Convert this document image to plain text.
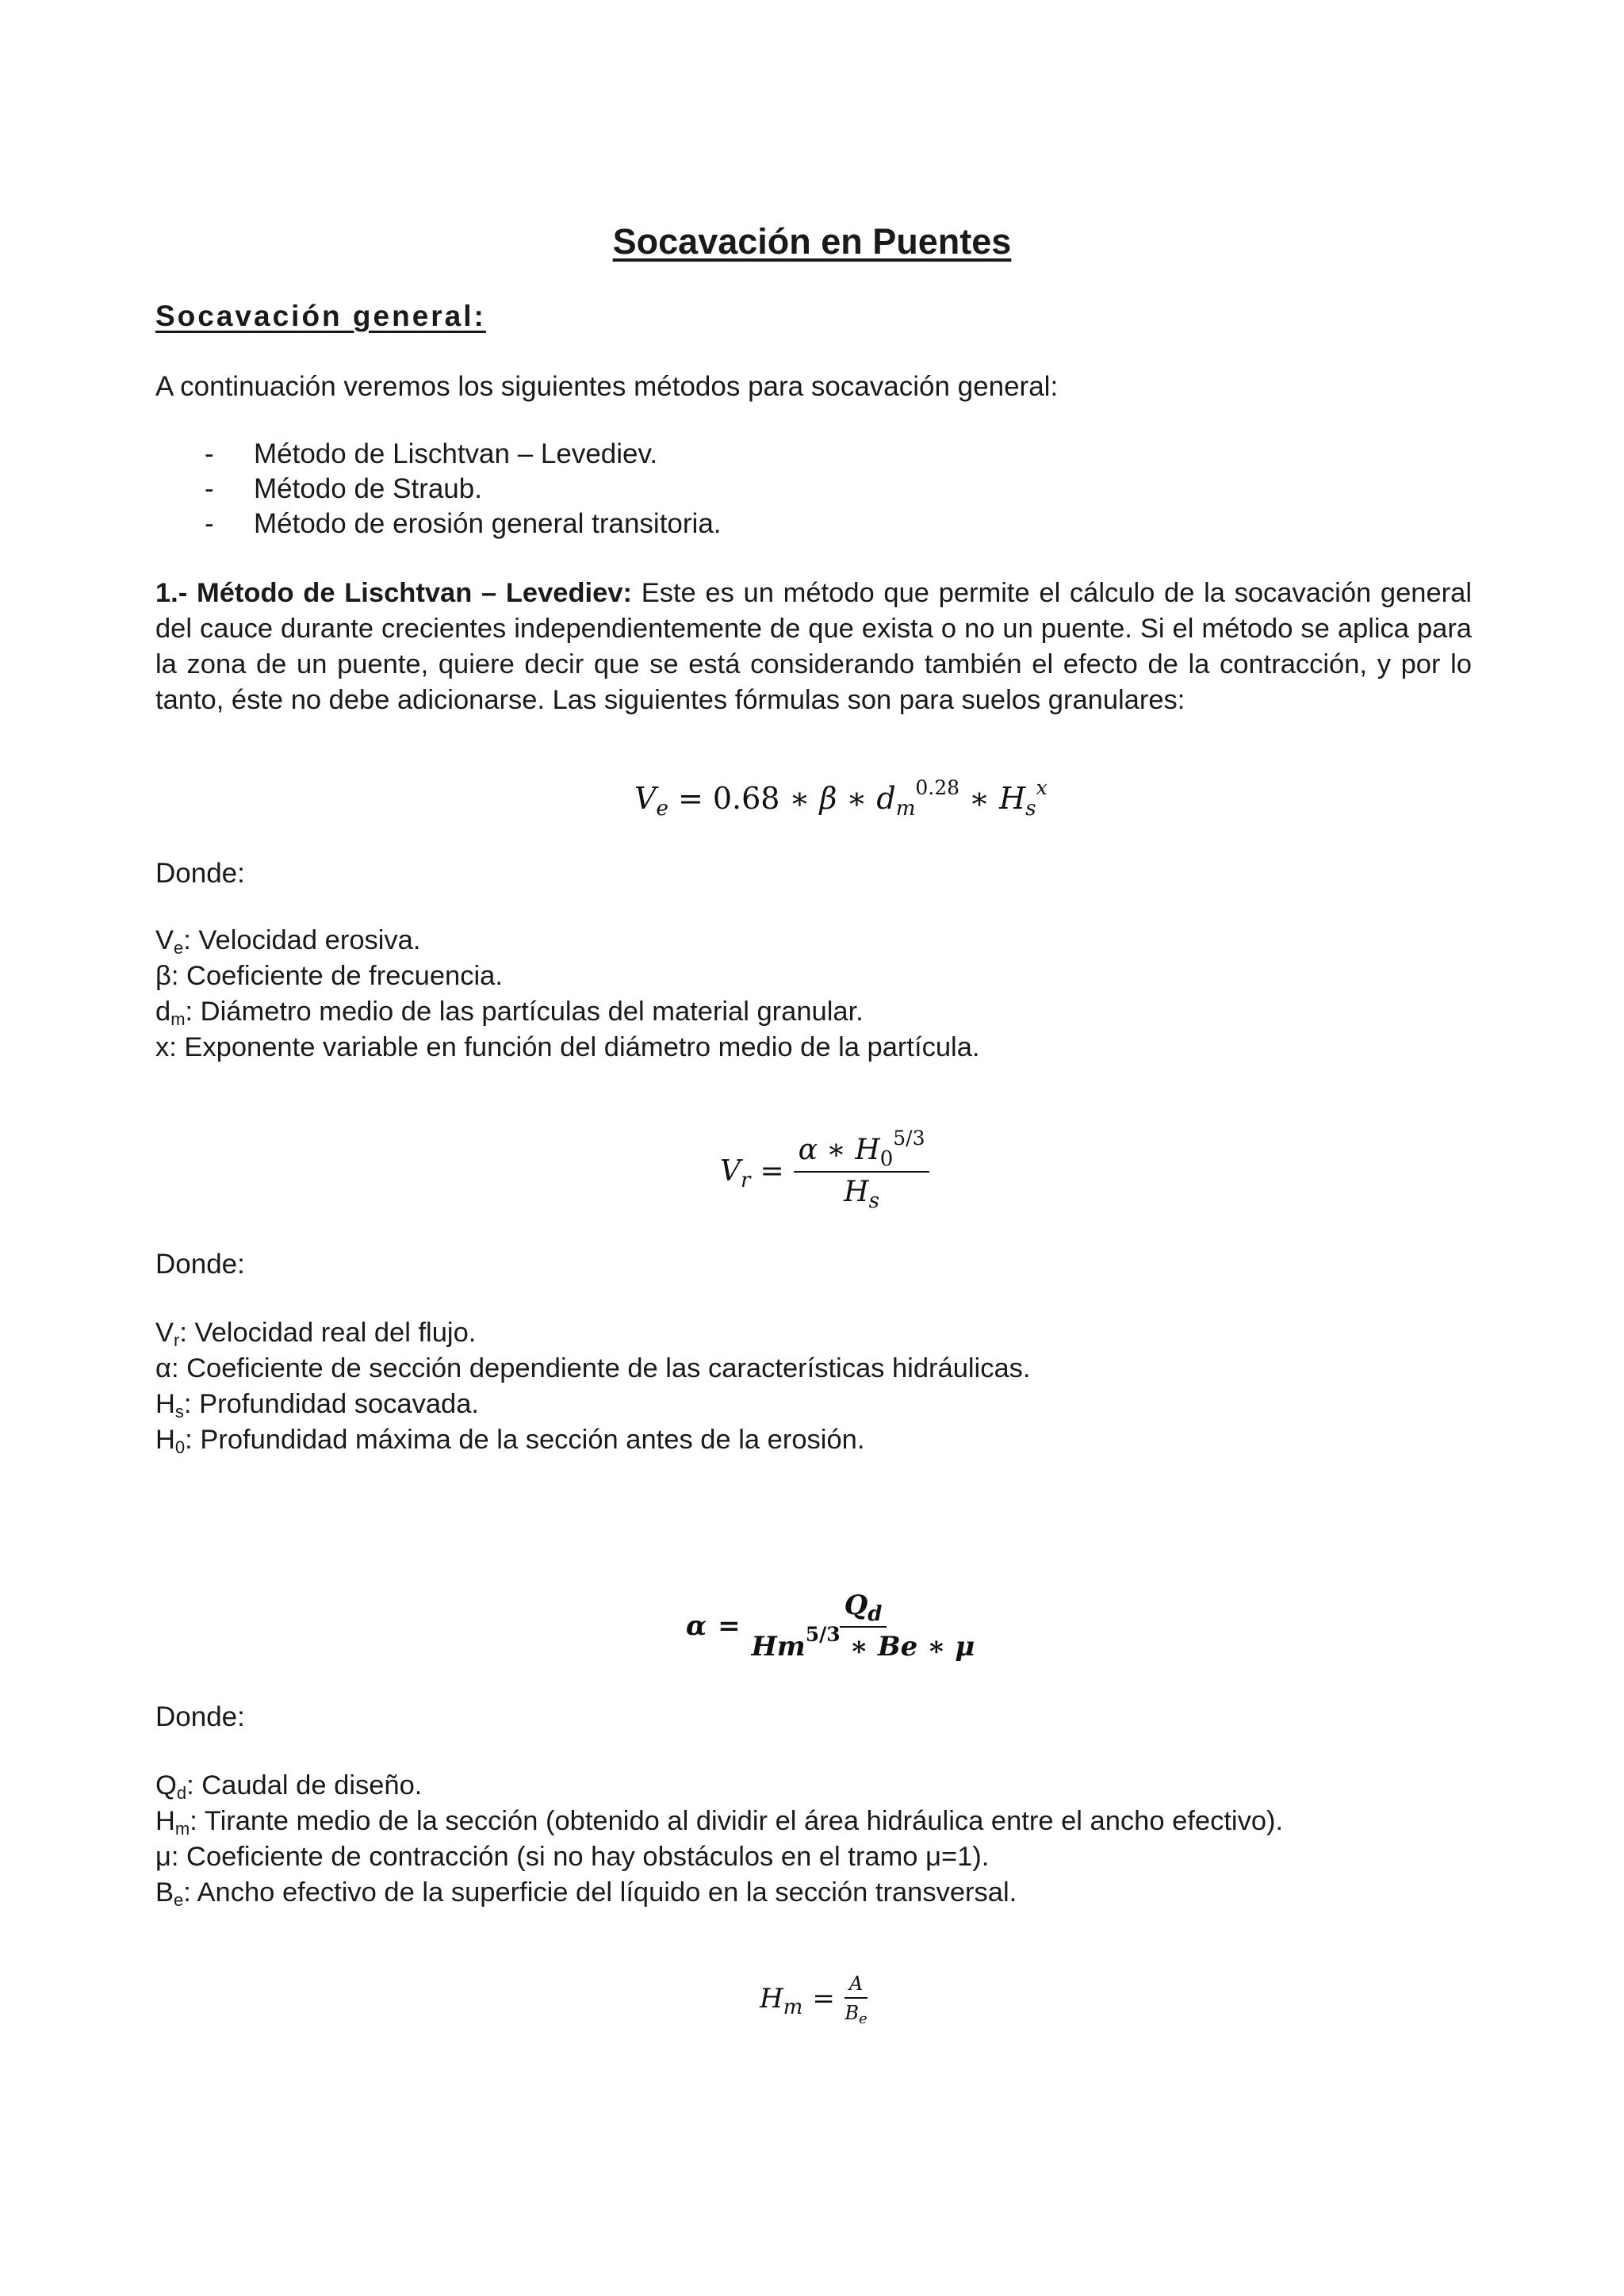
Socavación en Puentes
Socavación general:
A continuación veremos los siguientes métodos para socavación general:
-	Método de Lischtvan – Levediev.
-	Método de Straub.
-	Método de erosión general transitoria.
1.- Método de Lischtvan – Levediev: Este es un método que permite el cálculo de la socavación general del cauce durante crecientes independientemente de que exista o no un puente. Si el método se aplica para la zona de un puente, quiere decir que se está considerando también el efecto de la contracción, y por lo tanto, éste no debe adicionarse. Las siguientes fórmulas son para suelos granulares:
$V_e = 0.68$ ∗ β ∗ $d_m^{0.28}$ ∗ $H_s^x$
Donde:
$V_e$: Velocidad erosiva.
β: Coeficiente de frecuencia.
$d_m$: Diámetro medio de las partículas del material granular.
x: Exponente variable en función del diámetro medio de la partícula.
$V_r = \frac{\alpha ∗ H_0^{5/3}}{H_s}$
Donde:
$V_r$: Velocidad real del flujo.
α: Coeficiente de sección dependiente de las características hidráulicas.
$H_s$: Profundidad socavada.
$H_0$: Profundidad máxima de la sección antes de la erosión.
$\alpha = \frac{Q_d}{Hm^{5/3} ∗ Be ∗ \mu}$
Donde:
$Q_d$: Caudal de diseño.
$H_m$: Tirante medio de la sección (obtenido al dividir el área hidráulica entre el ancho efectivo).
μ: Coeficiente de contracción (si no hay obstáculos en el tramo μ=1).
$B_e$: Ancho efectivo de la superficie del líquido en la sección transversal.
$H_m = \frac{A}{B_e}$
